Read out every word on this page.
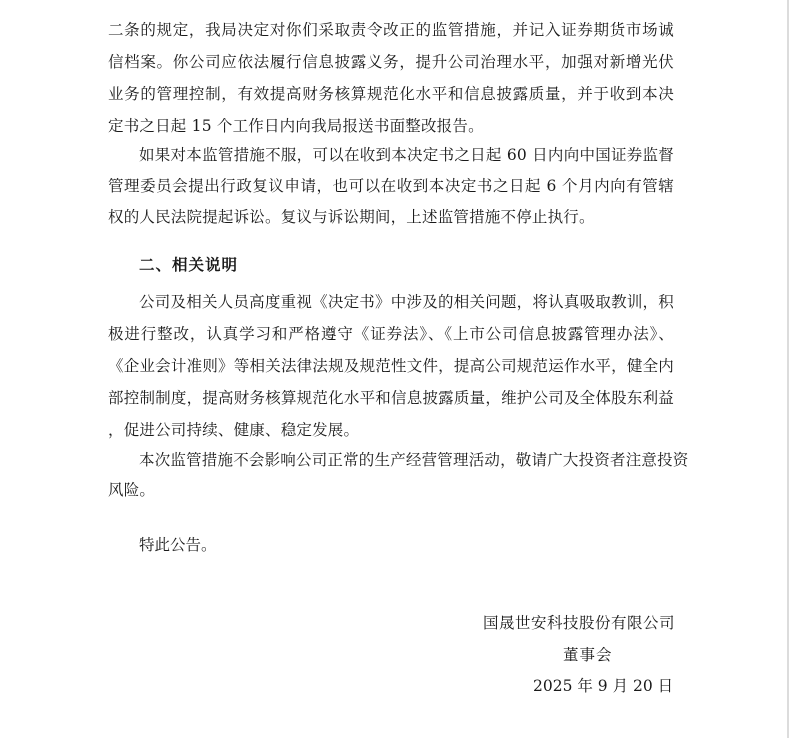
二条的规定，我局决定对你们采取责令改正的监管措施，并记入证券期货市场诚
信档案。你公司应依法履行信息披露义务，提升公司治理水平，加强对新增光伏
业务的管理控制，有效提高财务核算规范化水平和信息披露质量，并于收到本决
定书之日起 15 个工作日内向我局报送书面整改报告。
如果对本监管措施不服，可以在收到本决定书之日起 60 日内向中国证券监督
管理委员会提出行政复议申请，也可以在收到本决定书之日起 6 个月内向有管辖
权的人民法院提起诉讼。复议与诉讼期间，上述监管措施不停止执行。
二、相关说明
公司及相关人员高度重视《决定书》中涉及的相关问题，将认真吸取教训，积
极进行整改，认真学习和严格遵守《证券法》、《上市公司信息披露管理办法》、
《企业会计准则》等相关法律法规及规范性文件，提高公司规范运作水平，健全内
部控制制度，提高财务核算规范化水平和信息披露质量，维护公司及全体股东利益
，促进公司持续、健康、稳定发展。
本次监管措施不会影响公司正常的生产经营管理活动，敬请广大投资者注意投资
风险。
特此公告。
国晟世安科技股份有限公司
董事会
2025 年 9 月 20 日
